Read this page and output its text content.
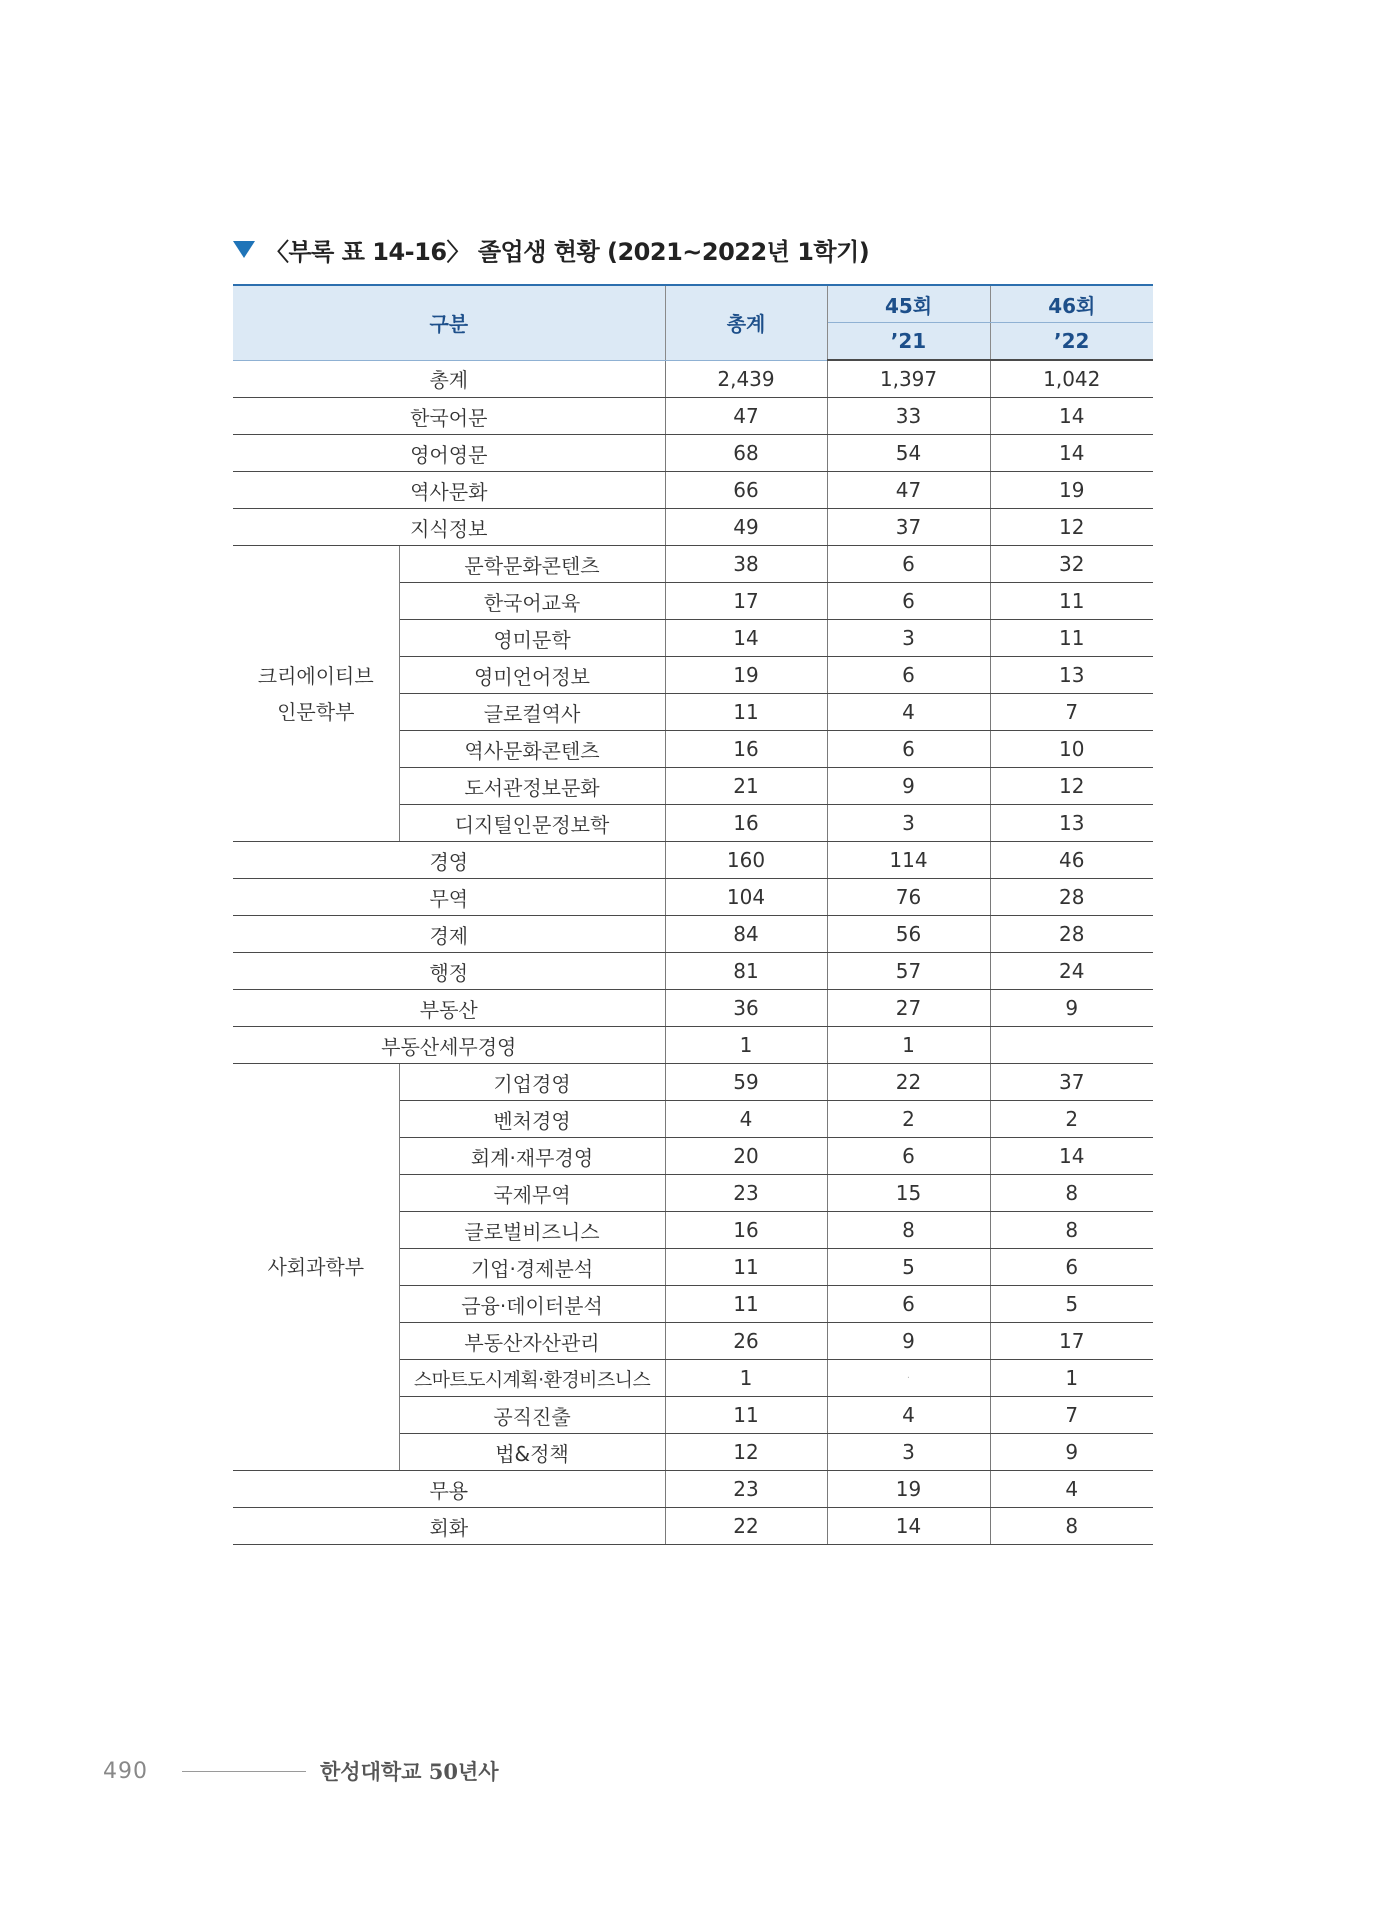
〈부록 표 14-16〉 졸업생 현황 (2021~2022년 1학기)
구분		총계	45회	46회
			’21	’22
총계		2,439	1,397	1,042
한국어문		47	33	14
영어영문		68	54	14
역사문화		66	47	19
지식정보		49	37	12
크리에이티브
인문학부	문학문화콘텐츠	38	6	32
	한국어교육	17	6	11
	영미문학	14	3	11
	영미언어정보	19	6	13
	글로컬역사	11	4	7
	역사문화콘텐츠	16	6	10
	도서관정보문화	21	9	12
	디지털인문정보학	16	3	13
경영		160	114	46
무역		104	76	28
경제		84	56	28
행정		81	57	24
부동산		36	27	9
부동산세무경영		1	1	
사회과학부	기업경영	59	22	37
	벤처경영	4	2	2
	회계·재무경영	20	6	14
	국제무역	23	15	8
	글로벌비즈니스	16	8	8
	기업·경제분석	11	5	6
	금융·데이터분석	11	6	5
	부동산자산관리	26	9	17
	스마트도시계획·환경비즈니스	1	·	1
	공직진출	11	4	7
	법&정책	12	3	9
무용		23	19	4
회화		22	14	8
490	한성대학교 50년사
